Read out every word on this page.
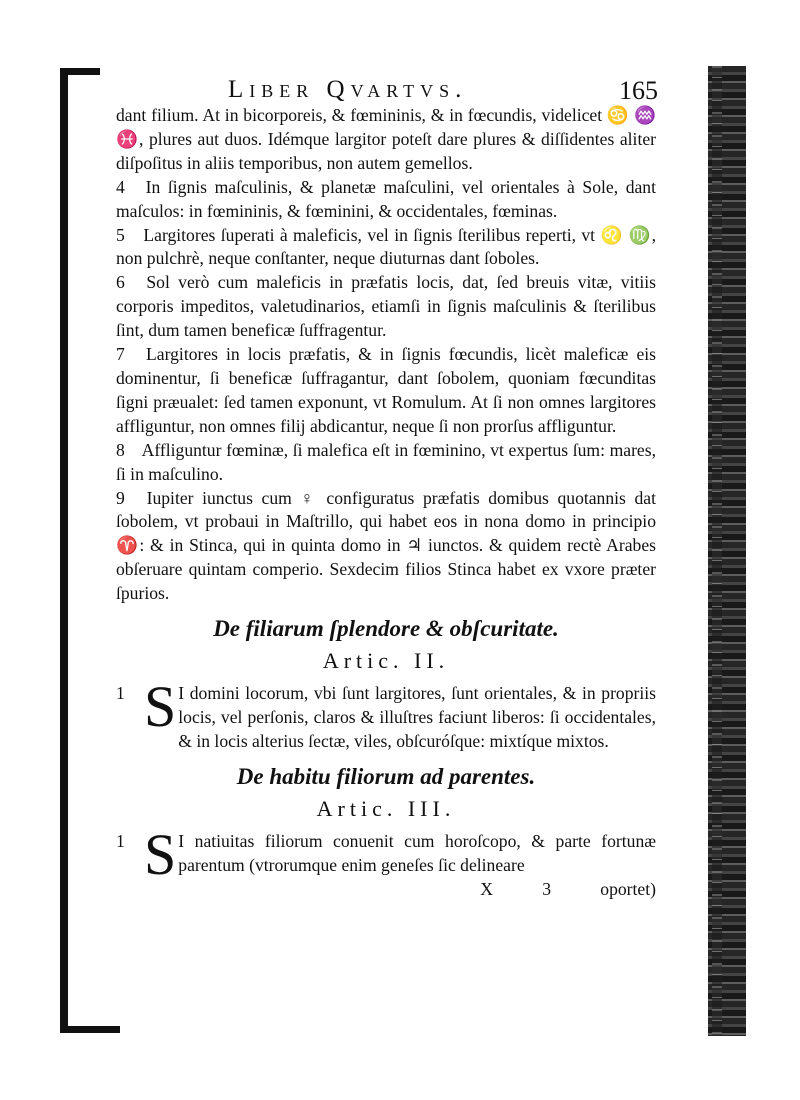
Liber Qvartvs.	165

dant filium. At in bicorporeis, & fœmininis, & in fœcundis, videlicet ♋ ♒ ♓, plures aut duos. Idémque largitor poteſt dare plures & diſſidentes aliter diſpoſitus in aliis temporibus, non autem gemellos.

4 In ſignis maſculinis, & planetæ maſculini, vel orientales à Sole, dant maſculos: in fœmininis, & fœminini, & occidentales, fœminas.

5 Largitores ſuperati à maleficis, vel in ſignis ſterilibus reperti, vt ♌ ♍, non pulchrè, neque conſtanter, neque diuturnas dant ſoboles.

6 Sol verò cum maleficis in præfatis locis, dat, ſed breuis vitæ, vitiis corporis impeditos, valetudinarios, etiamſi in ſignis maſculinis & ſterilibus ſint, dum tamen beneficæ ſuffragentur.

7 Largitores in locis præfatis, & in ſignis fœcundis, licèt maleficæ eis dominentur, ſi beneficæ ſuffragantur, dant ſobolem, quoniam fœcunditas ſigni præualet: ſed tamen exponunt, vt Romulum. At ſi non omnes largitores affliguntur, non omnes filij abdicantur, neque ſi non prorſus affliguntur.

8 Affliguntur fœminæ, ſi malefica eſt in fœminino, vt expertus ſum: mares, ſi in maſculino.

9 Iupiter iunctus cum ♀ configuratus præfatis domibus quotannis dat ſobolem, vt probaui in Maſtrillo, qui habet eos in nona domo in principio ♈: & in Stinca, qui in quinta domo in ♃ iunctos. & quidem rectè Arabes obſeruare quintam comperio. Sexdecim filios Stinca habet ex vxore præter ſpurios.

De filiarum ſplendore & obſcuritate.
Artic. II.

1 S I domini locorum, vbi ſunt largitores, ſunt orientales, & in propriis locis, vel perſonis, claros & illuſtres faciunt liberos: ſi occidentales, & in locis alterius ſectæ, viles, obſcuróſque: mixtíque mixtos.

De habitu filiorum ad parentes.
Artic. III.

1 S I natiuitas filiorum conuenit cum horoſcopo, & parte fortunæ parentum (vtrorumque enim geneſes ſic delineare

X	3	oportet)
